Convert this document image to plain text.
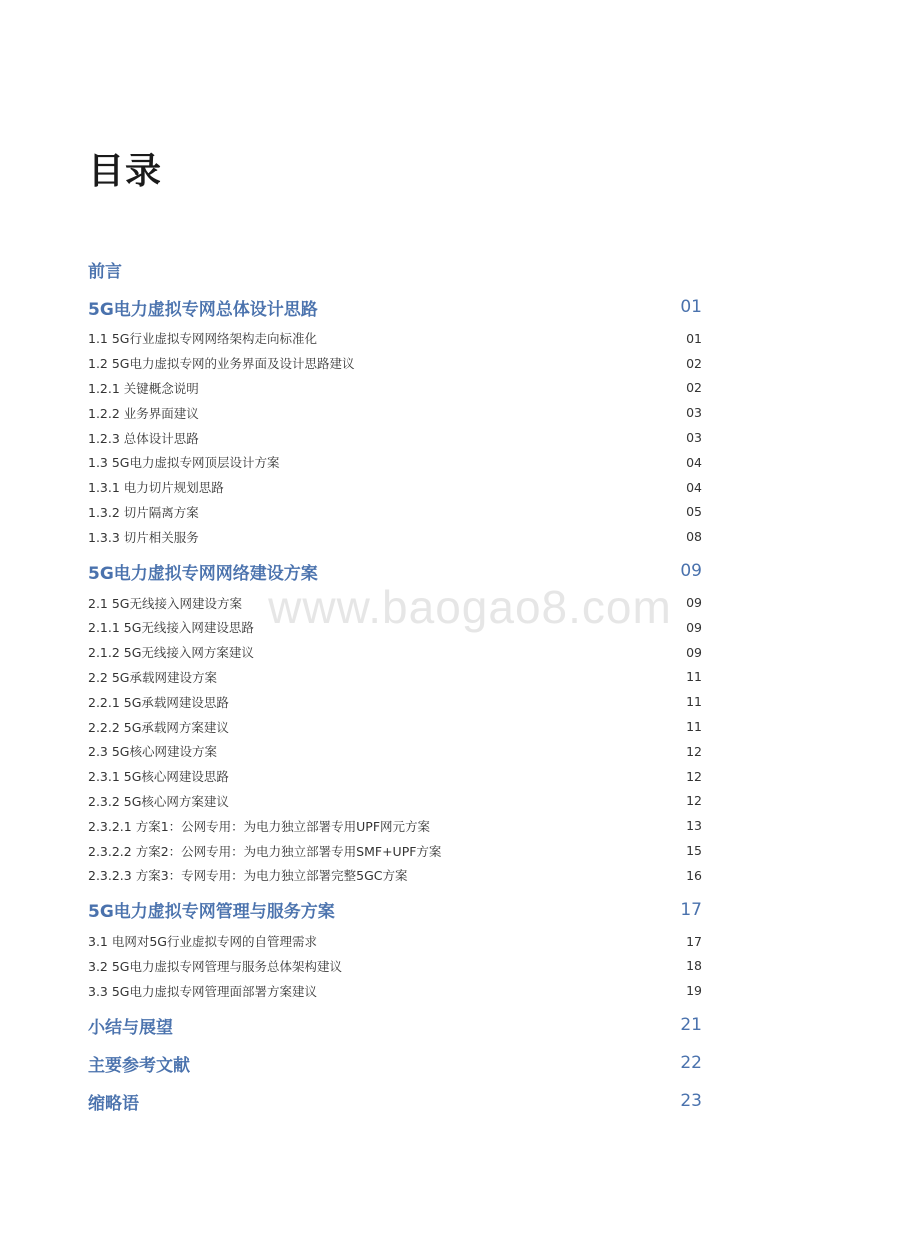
目录
前言
5G电力虚拟专网总体设计思路	01
1.1 5G行业虚拟专网网络架构走向标准化	01
1.2 5G电力虚拟专网的业务界面及设计思路建议	02
1.2.1 关键概念说明	02
1.2.2 业务界面建议	03
1.2.3 总体设计思路	03
1.3 5G电力虚拟专网顶层设计方案	04
1.3.1 电力切片规划思路	04
1.3.2 切片隔离方案	05
1.3.3 切片相关服务	08
5G电力虚拟专网网络建设方案	09
2.1 5G无线接入网建设方案	09
2.1.1 5G无线接入网建设思路	09
2.1.2 5G无线接入网方案建议	09
2.2 5G承载网建设方案	11
2.2.1 5G承载网建设思路	11
2.2.2 5G承载网方案建议	11
2.3 5G核心网建设方案	12
2.3.1 5G核心网建设思路	12
2.3.2 5G核心网方案建议	12
2.3.2.1 方案1：公网专用：为电力独立部署专用UPF网元方案	13
2.3.2.2 方案2：公网专用：为电力独立部署专用SMF+UPF方案	15
2.3.2.3 方案3：专网专用：为电力独立部署完整5GC方案	16
5G电力虚拟专网管理与服务方案	17
3.1 电网对5G行业虚拟专网的自管理需求	17
3.2 5G电力虚拟专网管理与服务总体架构建议	18
3.3 5G电力虚拟专网管理面部署方案建议	19
小结与展望	21
主要参考文献	22
缩略语	23
www.baogao8.com
